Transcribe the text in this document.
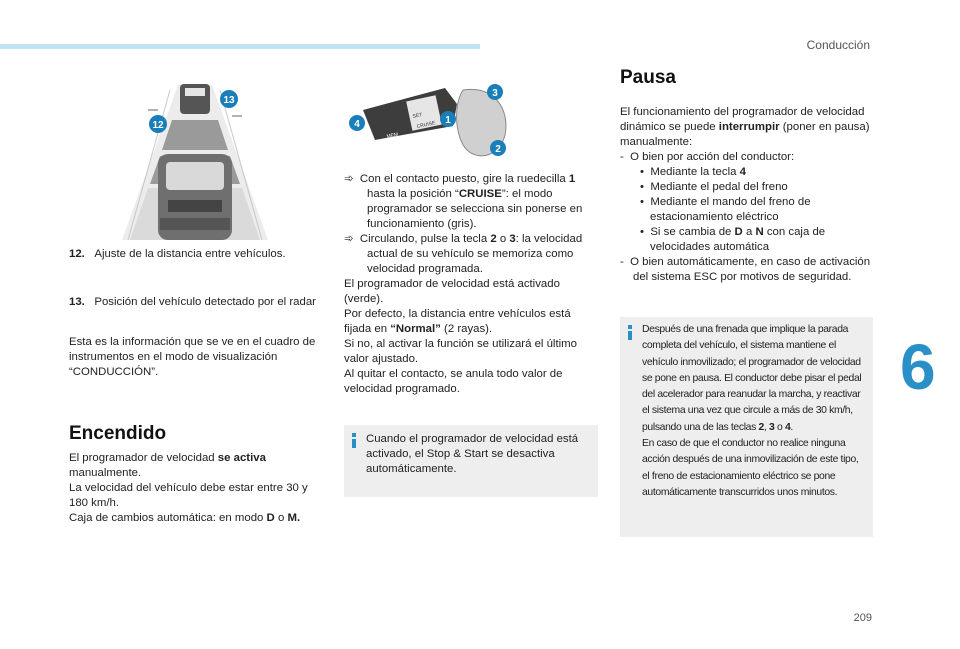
Conducción
209
6
13
12
GAP
SET
CRUISE
MEM
3
4	1
2
12. Ajuste de la distancia entre vehículos.
13. Posición del vehículo detectado por el radar
Esta es la información que se ve en el cuadro de instrumentos en el modo de visualización “CONDUCCIÓN”.
Encendido
El programador de velocidad se activa manualmente.
La velocidad del vehículo debe estar entre 30 y 180 km/h.
Caja de cambios automática: en modo D o M.
➾ Con el contacto puesto, gire la ruedecilla 1 hasta la posición “CRUISE”: el modo programador se selecciona sin ponerse en funcionamiento (gris).
➾ Circulando, pulse la tecla 2 o 3: la velocidad actual de su vehículo se memoriza como velocidad programada.
El programador de velocidad está activado (verde).
Por defecto, la distancia entre vehículos está fijada en “Normal” (2 rayas).
Si no, al activar la función se utilizará el último valor ajustado.
Al quitar el contacto, se anula todo valor de velocidad programado.
Cuando el programador de velocidad está activado, el Stop & Start se desactiva automáticamente.
Pausa
El funcionamiento del programador de velocidad dinámico se puede interrumpir (poner en pausa) manualmente:
-  O bien por acción del conductor:
•  Mediante la tecla 4
•  Mediante el pedal del freno
•  Mediante el mando del freno de estacionamiento eléctrico
•  Si se cambia de D a N con caja de velocidades automática
-  O bien automáticamente, en caso de activación del sistema ESC por motivos de seguridad.
Después de una frenada que implique la parada completa del vehículo, el sistema mantiene el vehículo inmovilizado; el programador de velocidad se pone en pausa. El conductor debe pisar el pedal del acelerador para reanudar la marcha, y reactivar el sistema una vez que circule a más de 30 km/h, pulsando una de las teclas 2, 3 o 4.
En caso de que el conductor no realice ninguna acción después de una inmovilización de este tipo, el freno de estacionamiento eléctrico se pone automáticamente transcurridos unos minutos.
